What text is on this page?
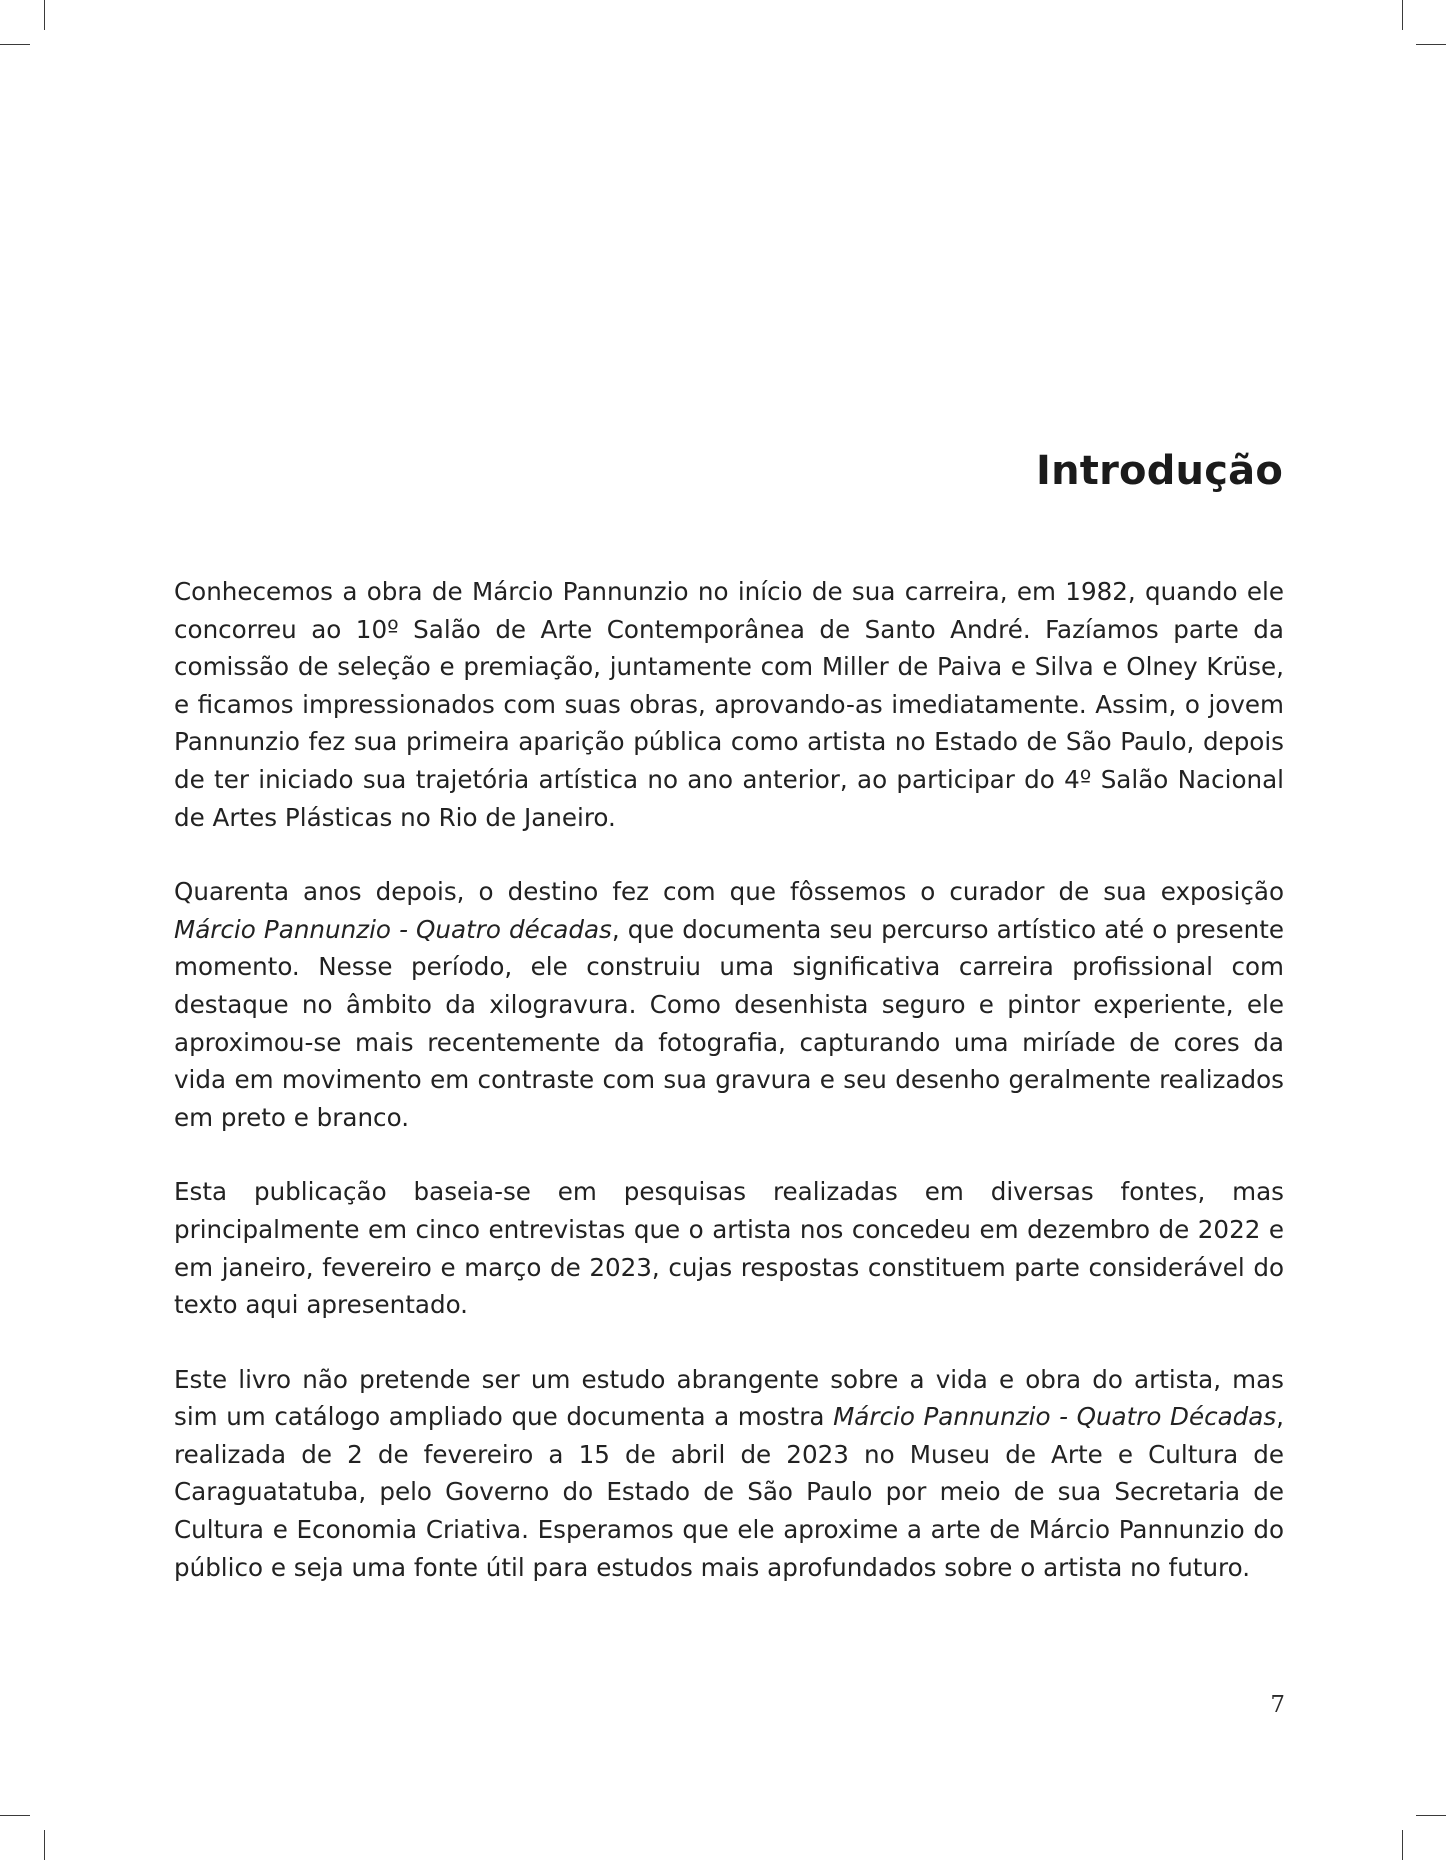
Introdução

Conhecemos a obra de Márcio Pannunzio no início de sua carreira, em 1982, quando ele concorreu ao 10º Salão de Arte Contemporânea de Santo André. Fazíamos parte da comissão de seleção e premiação, juntamente com Miller de Paiva e Silva e Olney Krüse, e ficamos impressionados com suas obras, aprovando-as imediatamente. Assim, o jovem Pannunzio fez sua primeira aparição pública como artista no Estado de São Paulo, depois de ter iniciado sua trajetória artística no ano anterior, ao participar do 4º Salão Nacional de Artes Plásticas no Rio de Janeiro.

Quarenta anos depois, o destino fez com que fôssemos o curador de sua exposição Márcio Pannunzio - Quatro décadas, que documenta seu percurso artístico até o presente momento. Nesse período, ele construiu uma significativa carreira profissional com destaque no âmbito da xilogravura. Como desenhista seguro e pintor experiente, ele aproximou-se mais recentemente da fotografia, capturando uma miríade de cores da vida em movimento em contraste com sua gravura e seu desenho geralmente realizados em preto e branco.

Esta publicação baseia-se em pesquisas realizadas em diversas fontes, mas principalmente em cinco entrevistas que o artista nos concedeu em dezembro de 2022 e em janeiro, fevereiro e março de 2023, cujas respostas constituem parte considerável do texto aqui apresentado.

Este livro não pretende ser um estudo abrangente sobre a vida e obra do artista, mas sim um catálogo ampliado que documenta a mostra Márcio Pannunzio - Quatro Décadas, realizada de 2 de fevereiro a 15 de abril de 2023 no Museu de Arte e Cultura de Caraguatatuba, pelo Governo do Estado de São Paulo por meio de sua Secretaria de Cultura e Economia Criativa. Esperamos que ele aproxime a arte de Márcio Pannunzio do público e seja uma fonte útil para estudos mais aprofundados sobre o artista no futuro.

7
